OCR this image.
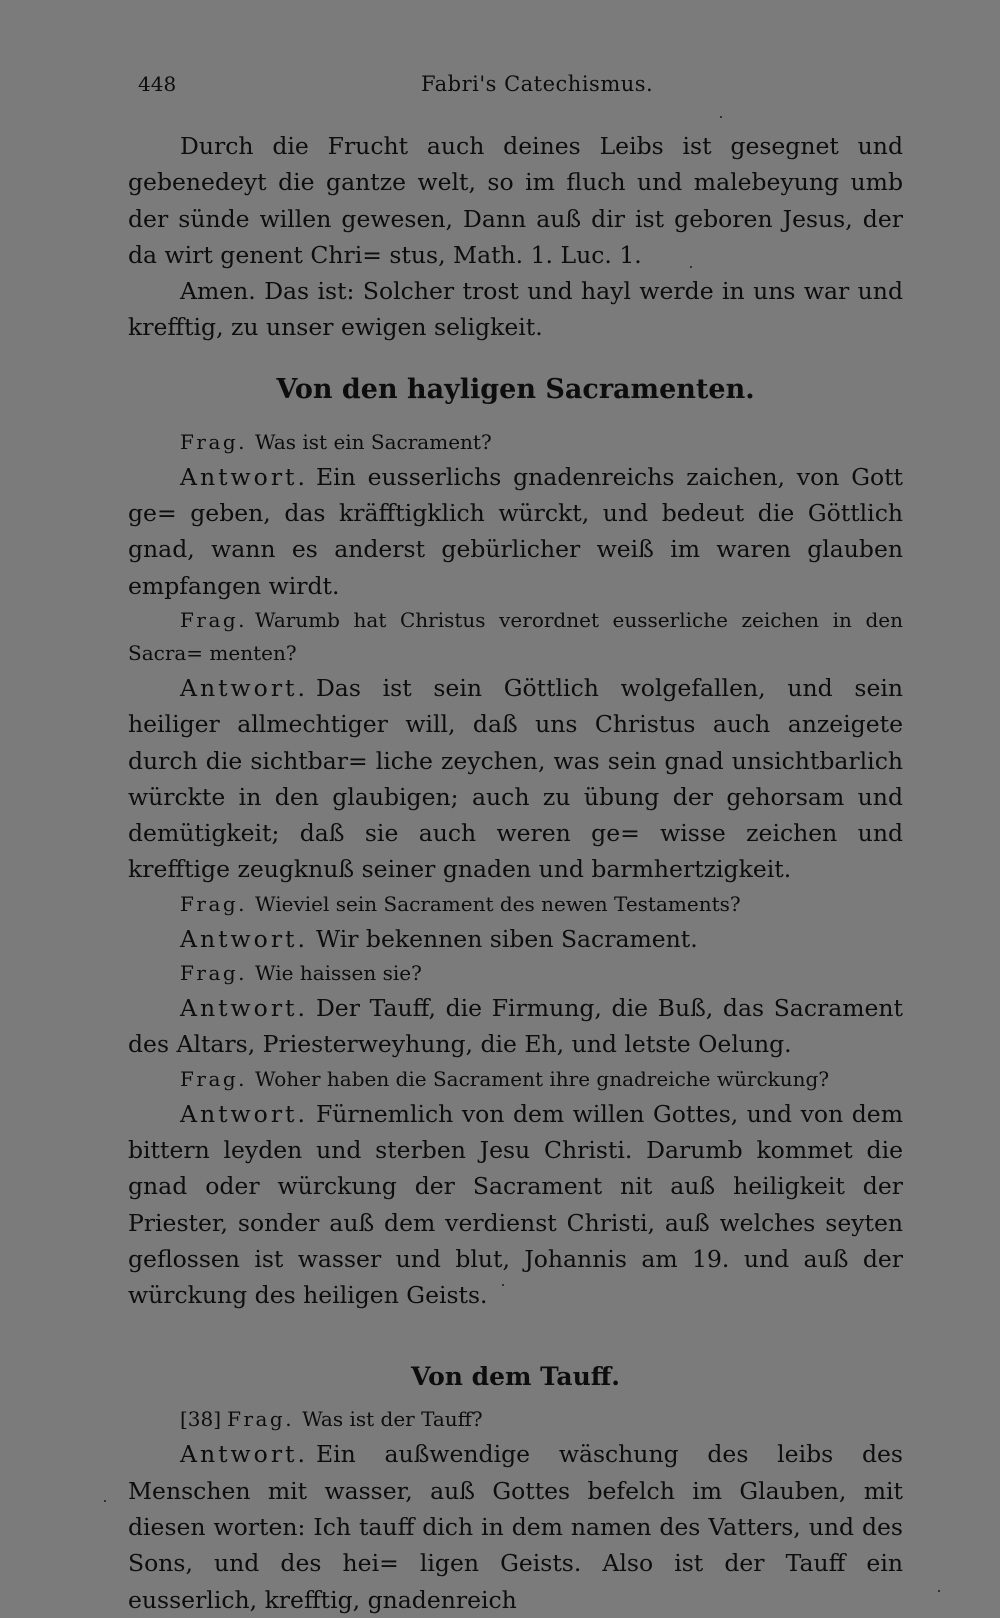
448	Fabri's Catechismus.

Durch die Frucht auch deines Leibs ist gesegnet und gebenedeyt die gantze welt, so im fluch und malebeyung umb der sünde willen gewesen, Dann auß dir ist geboren Jesus, der da wirt genent Chri= stus, Math. 1. Luc. 1.

Amen. Das ist: Solcher trost und hayl werde in uns war und krefftig, zu unser ewigen seligkeit.

Von den hayligen Sacramenten.

Frag. Was ist ein Sacrament?

Antwort. Ein eusserlichs gnadenreichs zaichen, von Gott ge= geben, das kräfftigklich würckt, und bedeut die Göttlich gnad, wann es anderst gebürlicher weiß im waren glauben empfangen wirdt.

Frag. Warumb hat Christus verordnet eusserliche zeichen in den Sacra= menten?

Antwort. Das ist sein Göttlich wolgefallen, und sein heiliger allmechtiger will, daß uns Christus auch anzeigete durch die sichtbar= liche zeychen, was sein gnad unsichtbarlich würckte in den glaubigen; auch zu übung der gehorsam und demütigkeit; daß sie auch weren ge= wisse zeichen und krefftige zeugknuß seiner gnaden und barmhertzigkeit.

Frag. Wieviel sein Sacrament des newen Testaments?

Antwort. Wir bekennen siben Sacrament.

Frag. Wie haissen sie?

Antwort. Der Tauff, die Firmung, die Buß, das Sacrament des Altars, Priesterweyhung, die Eh, und letste Oelung.

Frag. Woher haben die Sacrament ihre gnadreiche würckung?

Antwort. Fürnemlich von dem willen Gottes, und von dem bittern leyden und sterben Jesu Christi. Darumb kommet die gnad oder würckung der Sacrament nit auß heiligkeit der Priester, sonder auß dem verdienst Christi, auß welches seyten geflossen ist wasser und blut, Johannis am 19. und auß der würckung des heiligen Geists.

Von dem Tauff.

[38] Frag. Was ist der Tauff?

Antwort. Ein außwendige wäschung des leibs des Menschen mit wasser, auß Gottes befelch im Glauben, mit diesen worten: Ich tauff dich in dem namen des Vatters, und des Sons, und des hei= ligen Geists. Also ist der Tauff ein eusserlich, krefftig, gnadenreich
